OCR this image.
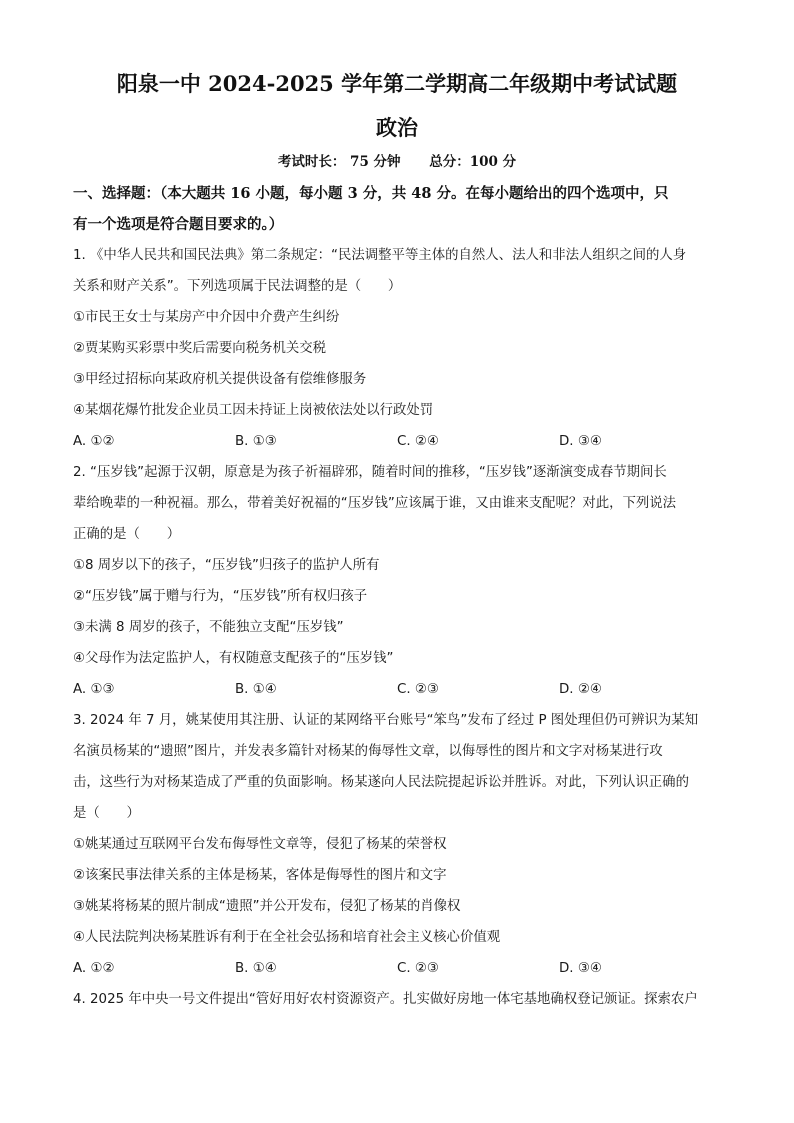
阳泉一中 2024-2025 学年第二学期高二年级期中考试试题
政治
考试时长： 75 分钟 总分：100 分
一、选择题：（本大题共 16 小题，每小题 3 分，共 48 分。在每小题给出的四个选项中，只
有一个选项是符合题目要求的。）
1. 《中华人民共和国民法典》第二条规定：“民法调整平等主体的自然人、法人和非法人组织之间的人身
关系和财产关系”。下列选项属于民法调整的是（　　）
①市民王女士与某房产中介因中介费产生纠纷
②贾某购买彩票中奖后需要向税务机关交税
③甲经过招标向某政府机关提供设备有偿维修服务
④某烟花爆竹批发企业员工因未持证上岗被依法处以行政处罚
A. ①②	B. ①③	C. ②④	D. ③④
2. “压岁钱”起源于汉朝，原意是为孩子祈福辟邪，随着时间的推移，“压岁钱”逐渐演变成春节期间长
辈给晚辈的一种祝福。那么，带着美好祝福的“压岁钱”应该属于谁，又由谁来支配呢？对此，下列说法
正确的是（　　）
①8 周岁以下的孩子，“压岁钱”归孩子的监护人所有
②“压岁钱”属于赠与行为，“压岁钱”所有权归孩子
③未满 8 周岁的孩子，不能独立支配“压岁钱”
④父母作为法定监护人，有权随意支配孩子的“压岁钱”
A. ①③	B. ①④	C. ②③	D. ②④
3. 2024 年 7 月，姚某使用其注册、认证的某网络平台账号“笨鸟”发布了经过 P 图处理但仍可辨识为某知
名演员杨某的“遗照”图片，并发表多篇针对杨某的侮辱性文章，以侮辱性的图片和文字对杨某进行攻
击，这些行为对杨某造成了严重的负面影响。杨某遂向人民法院提起诉讼并胜诉。对此，下列认识正确的
是（　　）
①姚某通过互联网平台发布侮辱性文章等，侵犯了杨某的荣誉权
②该案民事法律关系的主体是杨某，客体是侮辱性的图片和文字
③姚某将杨某的照片制成“遗照”并公开发布，侵犯了杨某的肖像权
④人民法院判决杨某胜诉有利于在全社会弘扬和培育社会主义核心价值观
A. ①②	B. ①④	C. ②③	D. ③④
4. 2025 年中央一号文件提出“管好用好农村资源资产。扎实做好房地一体宅基地确权登记颁证。探索农户
